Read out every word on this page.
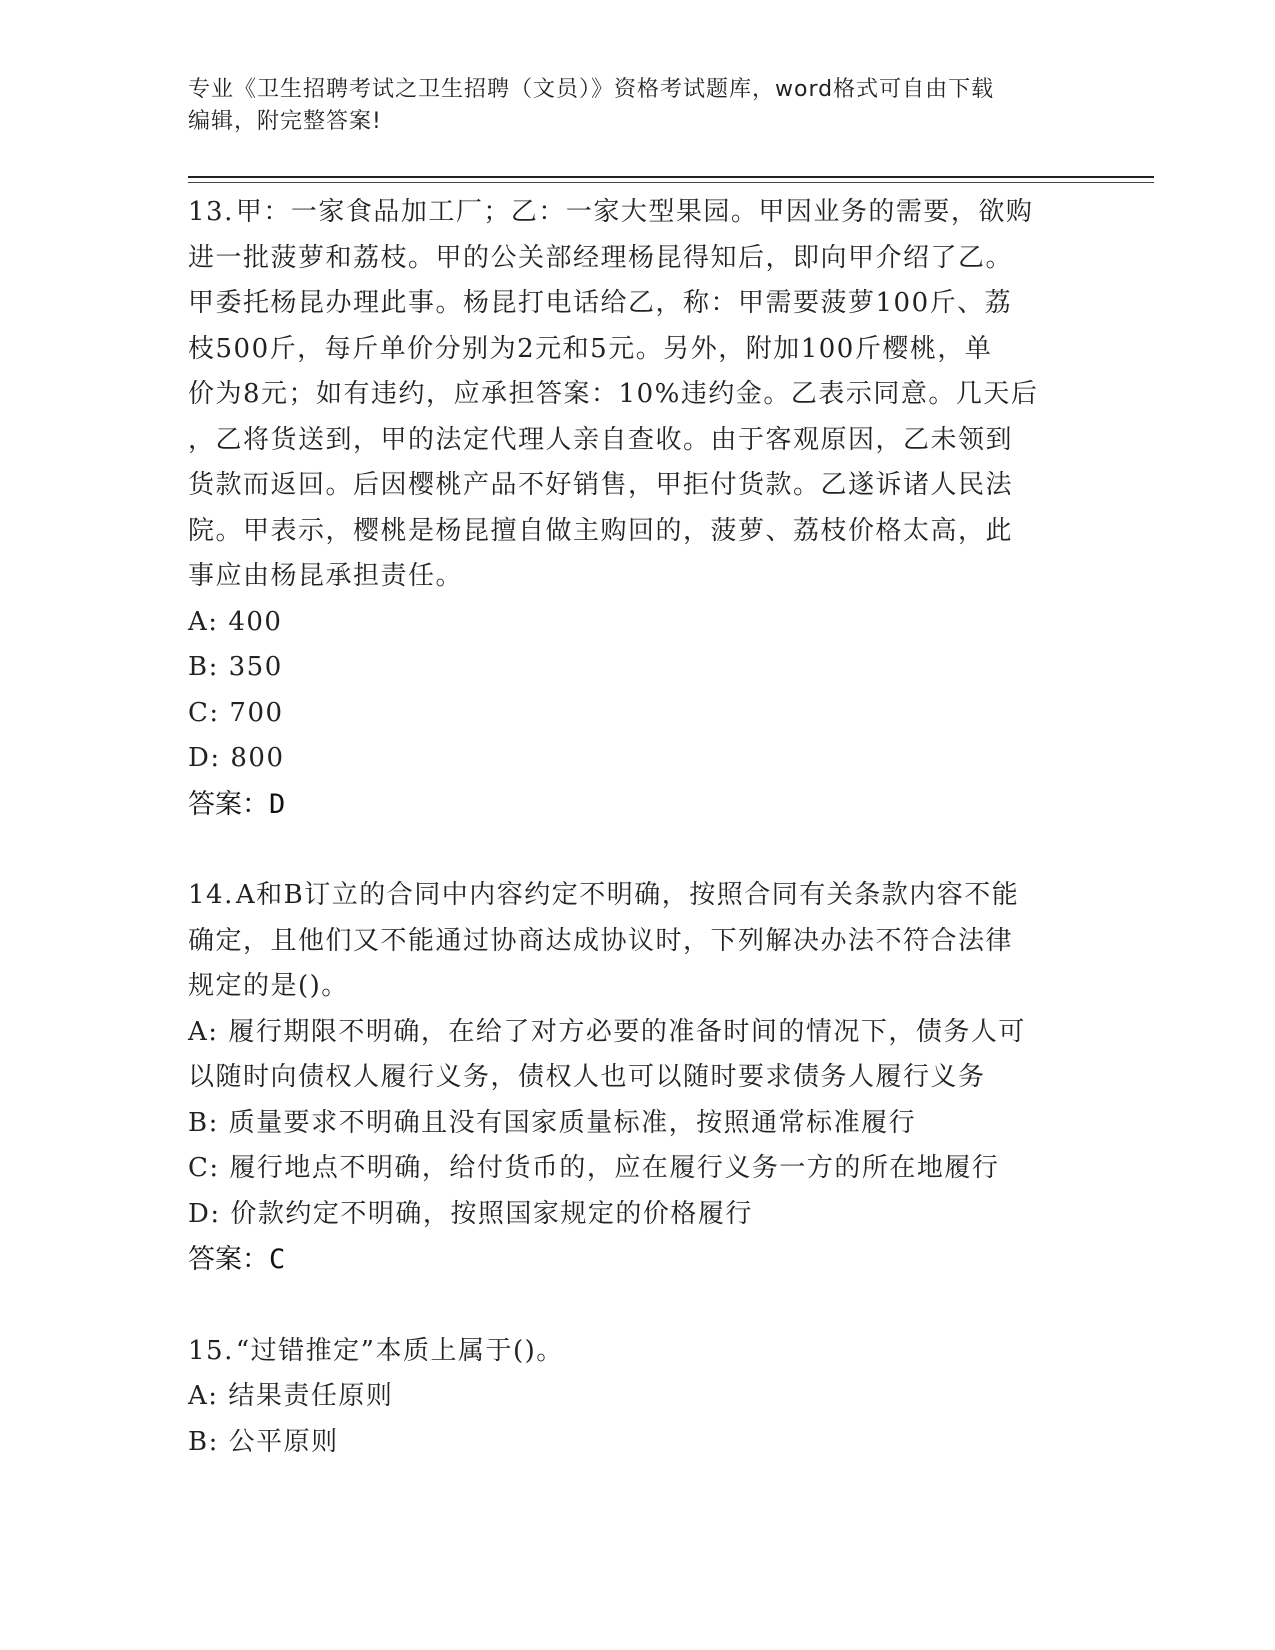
专业《卫生招聘考试之卫生招聘（文员）》资格考试题库，word格式可自由下载
编辑，附完整答案!

13.甲：一家食品加工厂；乙：一家大型果园。甲因业务的需要，欲购

进一批菠萝和荔枝。甲的公关部经理杨昆得知后，即向甲介绍了乙。

甲委托杨昆办理此事。杨昆打电话给乙，称：甲需要菠萝100斤、荔

枝500斤，每斤单价分别为2元和5元。另外，附加100斤樱桃，单

价为8元；如有违约，应承担答案：10%违约金。乙表示同意。几天后

，乙将货送到，甲的法定代理人亲自查收。由于客观原因，乙未领到

货款而返回。后因樱桃产品不好销售，甲拒付货款。乙遂诉诸人民法

院。甲表示，樱桃是杨昆擅自做主购回的，菠萝、荔枝价格太高，此

事应由杨昆承担责任。

A: 400

B: 350

C: 700

D: 800

答案：D

14.A和B订立的合同中内容约定不明确，按照合同有关条款内容不能

确定，且他们又不能通过协商达成协议时，下列解决办法不符合法律

规定的是()。

A: 履行期限不明确，在给了对方必要的准备时间的情况下，债务人可

以随时向债权人履行义务，债权人也可以随时要求债务人履行义务

B: 质量要求不明确且没有国家质量标准，按照通常标准履行

C: 履行地点不明确，给付货币的，应在履行义务一方的所在地履行

D: 价款约定不明确，按照国家规定的价格履行

答案：C

15.“过错推定”本质上属于()。

A: 结果责任原则

B: 公平原则
